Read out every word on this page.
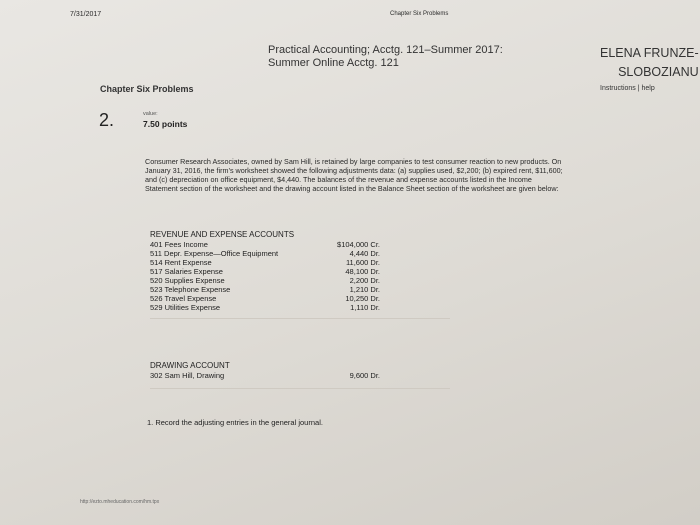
7/31/2017	Chapter Six Problems
Practical Accounting; Acctg. 121–Summer 2017:
Summer Online Acctg. 121
ELENA FRUNZE-
SLOBOZIANU
Instructions | help
Chapter Six Problems
2.	value:
7.50 points
Consumer Research Associates, owned by Sam Hill, is retained by large companies to test consumer reaction to new products. On January 31, 2016, the firm’s worksheet showed the following adjustments data: (a) supplies used, $2,200; (b) expired rent, $11,600; and (c) depreciation on office equipment, $4,440. The balances of the revenue and expense accounts listed in the Income Statement section of the worksheet and the drawing account listed in the Balance Sheet section of the worksheet are given below:
REVENUE AND EXPENSE ACCOUNTS
401 Fees Income	$104,000 Cr.
511 Depr. Expense—Office Equipment	4,440 Dr.
514 Rent Expense	11,600 Dr.
517 Salaries Expense	48,100 Dr.
520 Supplies Expense	2,200 Dr.
523 Telephone Expense	1,210 Dr.
526 Travel Expense	10,250 Dr.
529 Utilities Expense	1,110 Dr.
DRAWING ACCOUNT
302 Sam Hill, Drawing	9,600 Dr.
1. Record the adjusting entries in the general journal.
http://ezto.mheducation.com/hm.tpx
